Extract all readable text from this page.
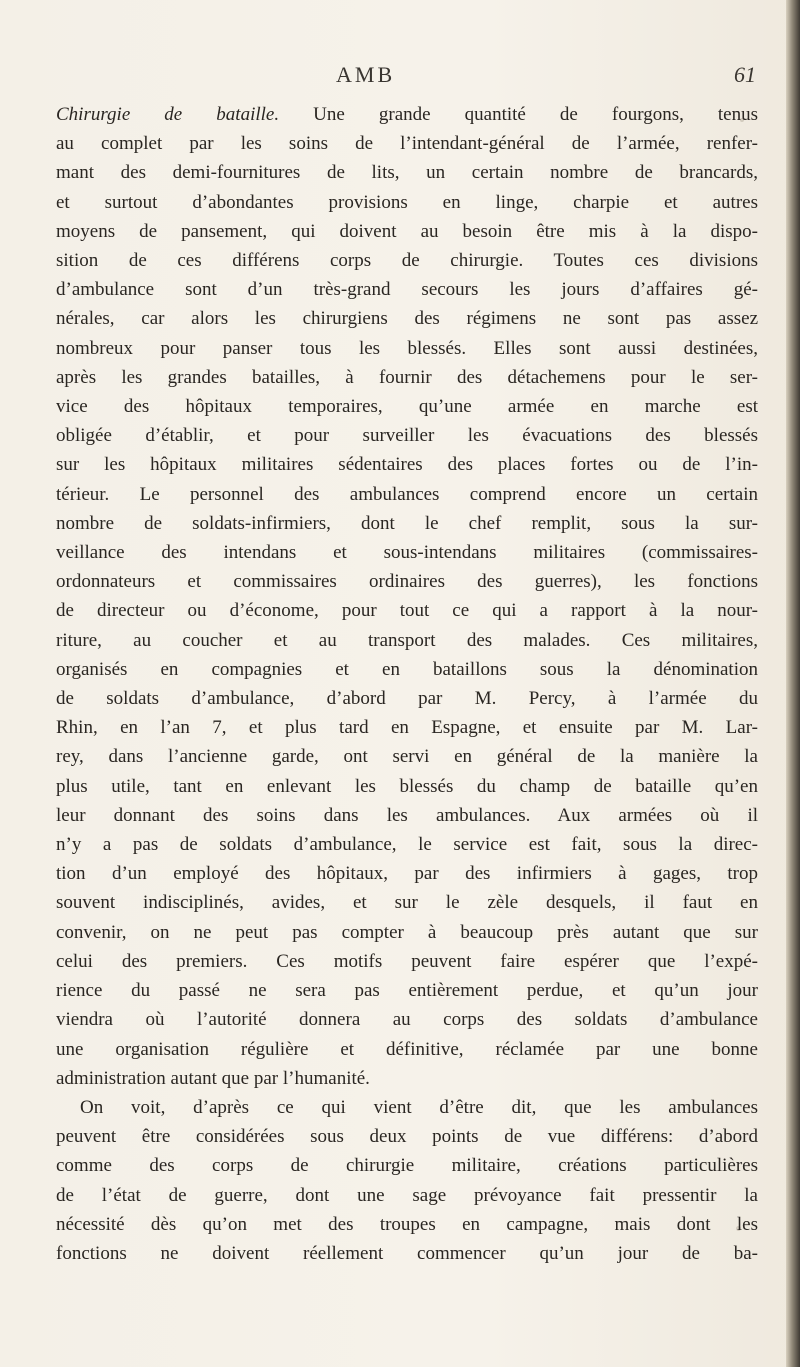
AMB	61
Chirurgie de bataille. Une grande quantité de fourgons, tenus
au complet par les soins de l’intendant-général de l’armée, renfer-
mant des demi-fournitures de lits, un certain nombre de brancards,
et surtout d’abondantes provisions en linge, charpie et autres
moyens de pansement, qui doivent au besoin être mis à la dispo-
sition de ces différens corps de chirurgie. Toutes ces divisions
d’ambulance sont d’un très-grand secours les jours d’affaires gé-
nérales, car alors les chirurgiens des régimens ne sont pas assez
nombreux pour panser tous les blessés. Elles sont aussi destinées,
après les grandes batailles, à fournir des détachemens pour le ser-
vice des hôpitaux temporaires, qu’une armée en marche est
obligée d’établir, et pour surveiller les évacuations des blessés
sur les hôpitaux militaires sédentaires des places fortes ou de l’in-
térieur. Le personnel des ambulances comprend encore un certain
nombre de soldats-infirmiers, dont le chef remplit, sous la sur-
veillance des intendans et sous-intendans militaires (commissaires-
ordonnateurs et commissaires ordinaires des guerres), les fonctions
de directeur ou d’économe, pour tout ce qui a rapport à la nour-
riture, au coucher et au transport des malades. Ces militaires,
organisés en compagnies et en bataillons sous la dénomination
de soldats d’ambulance, d’abord par M. Percy, à l’armée du
Rhin, en l’an 7, et plus tard en Espagne, et ensuite par M. Lar-
rey, dans l’ancienne garde, ont servi en général de la manière la
plus utile, tant en enlevant les blessés du champ de bataille qu’en
leur donnant des soins dans les ambulances. Aux armées où il
n’y a pas de soldats d’ambulance, le service est fait, sous la direc-
tion d’un employé des hôpitaux, par des infirmiers à gages, trop
souvent indisciplinés, avides, et sur le zèle desquels, il faut en
convenir, on ne peut pas compter à beaucoup près autant que sur
celui des premiers. Ces motifs peuvent faire espérer que l’expé-
rience du passé ne sera pas entièrement perdue, et qu’un jour
viendra où l’autorité donnera au corps des soldats d’ambulance
une organisation régulière et définitive, réclamée par une bonne
administration autant que par l’humanité.
On voit, d’après ce qui vient d’être dit, que les ambulances
peuvent être considérées sous deux points de vue différens: d’abord
comme des corps de chirurgie militaire, créations particulières
de l’état de guerre, dont une sage prévoyance fait pressentir la
nécessité dès qu’on met des troupes en campagne, mais dont les
fonctions ne doivent réellement commencer qu’un jour de ba-
